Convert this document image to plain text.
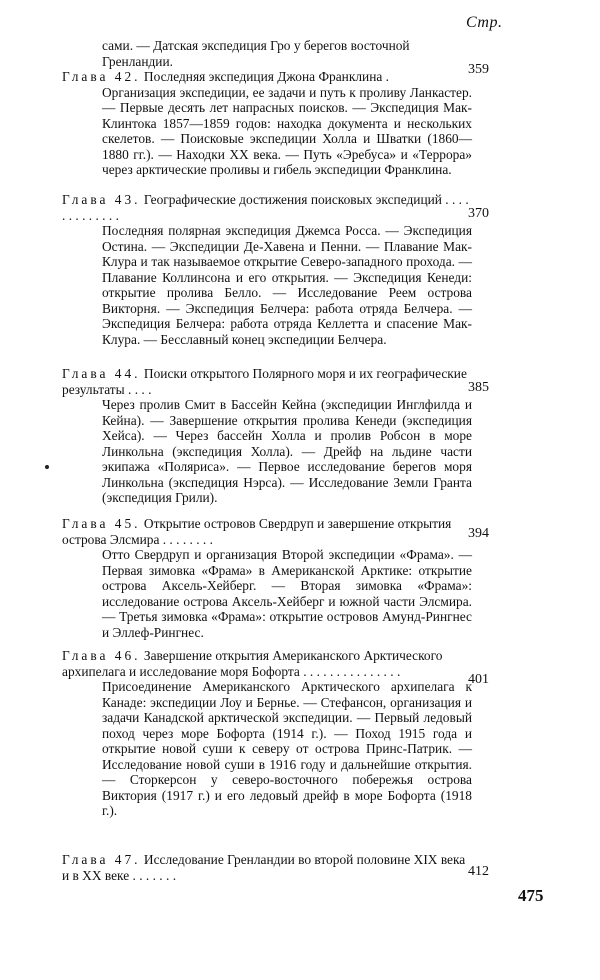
Стр.
сами. — Датская экспедиция Гро у берегов восточной Гренландии.
Глава 42. Последняя экспедиция Джона Франклина .
Организация экспедиции, ее задачи и путь к проливу Ланкастер. — Первые десять лет напрасных поисков. — Экспедиция Мак-Клинтока 1857—1859 годов: находка документа и нескольких скелетов. — Поисковые экспедиции Холла и Шватки (1860—1880 гг.). — Находки XX века. — Путь «Эребуса» и «Террора» через арктические проливы и гибель экспедиции Франклина.
359
Глава 43. Географические достижения поисковых экспедиций . . . . . . . . . . . . .
Последняя полярная экспедиция Джемса Росса. — Экспедиция Остина. — Экспедиции Де-Хавена и Пенни. — Плавание Мак-Клура и так называемое открытие Северо-западного прохода. — Плавание Коллинсона и его открытия. — Экспедиция Кенеди: открытие пролива Белло. — Исследование Реем острова Викторня. — Экспедиция Белчера: работа отряда Белчера. — Экспедиция Белчера: работа отряда Келлетта и спасение Мак-Клура. — Бесславный конец экспедиции Белчера.
370
Глава 44. Поиски открытого Полярного моря и их географические результаты . . . .
Через пролив Смит в Бассейн Кейна (экспедиции Инглфилда и Кейна). — Завершение открытия пролива Кенеди (экспедиция Хейса). — Через бассейн Холла и пролив Робсон в море Линкольна (экспедиция Холла). — Дрейф на льдине части экипажа «Поляриса». — Первое исследование берегов моря Линкольна (экспедиция Нэрса). — Исследование Земли Гранта (экспедиция Грили).
385
Глава 45. Открытие островов Свердруп и завершение открытия острова Элсмира . . . . . . . .
Отто Свердруп и организация Второй экспедиции «Фрама». — Первая зимовка «Фрама» в Американской Арктике: открытие острова Аксель-Хейберг. — Вторая зимовка «Фрама»: исследование острова Аксель-Хейберг и южной части Элсмира. — Третья зимовка «Фрама»: открытие островов Амунд-Рингнес и Эллеф-Рингнес.
394
Глава 46. Завершение открытия Американского Арктического архипелага и исследование моря Бофорта . . . . . . . . . . . . . . .
Присоединение Американского Арктического архипелага к Канаде: экспедиции Лоу и Бернье. — Стефансон, организация и задачи Канадской арктической экспедиции. — Первый ледовый поход через море Бофорта (1914 г.). — Поход 1915 года и открытие новой суши к северу от острова Принс-Патрик. — Исследование новой суши в 1916 году и дальнейшие открытия. — Сторкерсон у северо-восточного побережья острова Виктория (1917 г.) и его ледовый дрейф в море Бофорта (1918 г.).
401
Глава 47. Исследование Гренландии во второй половине XIX века и в XX веке . . . . . . .	412
475
